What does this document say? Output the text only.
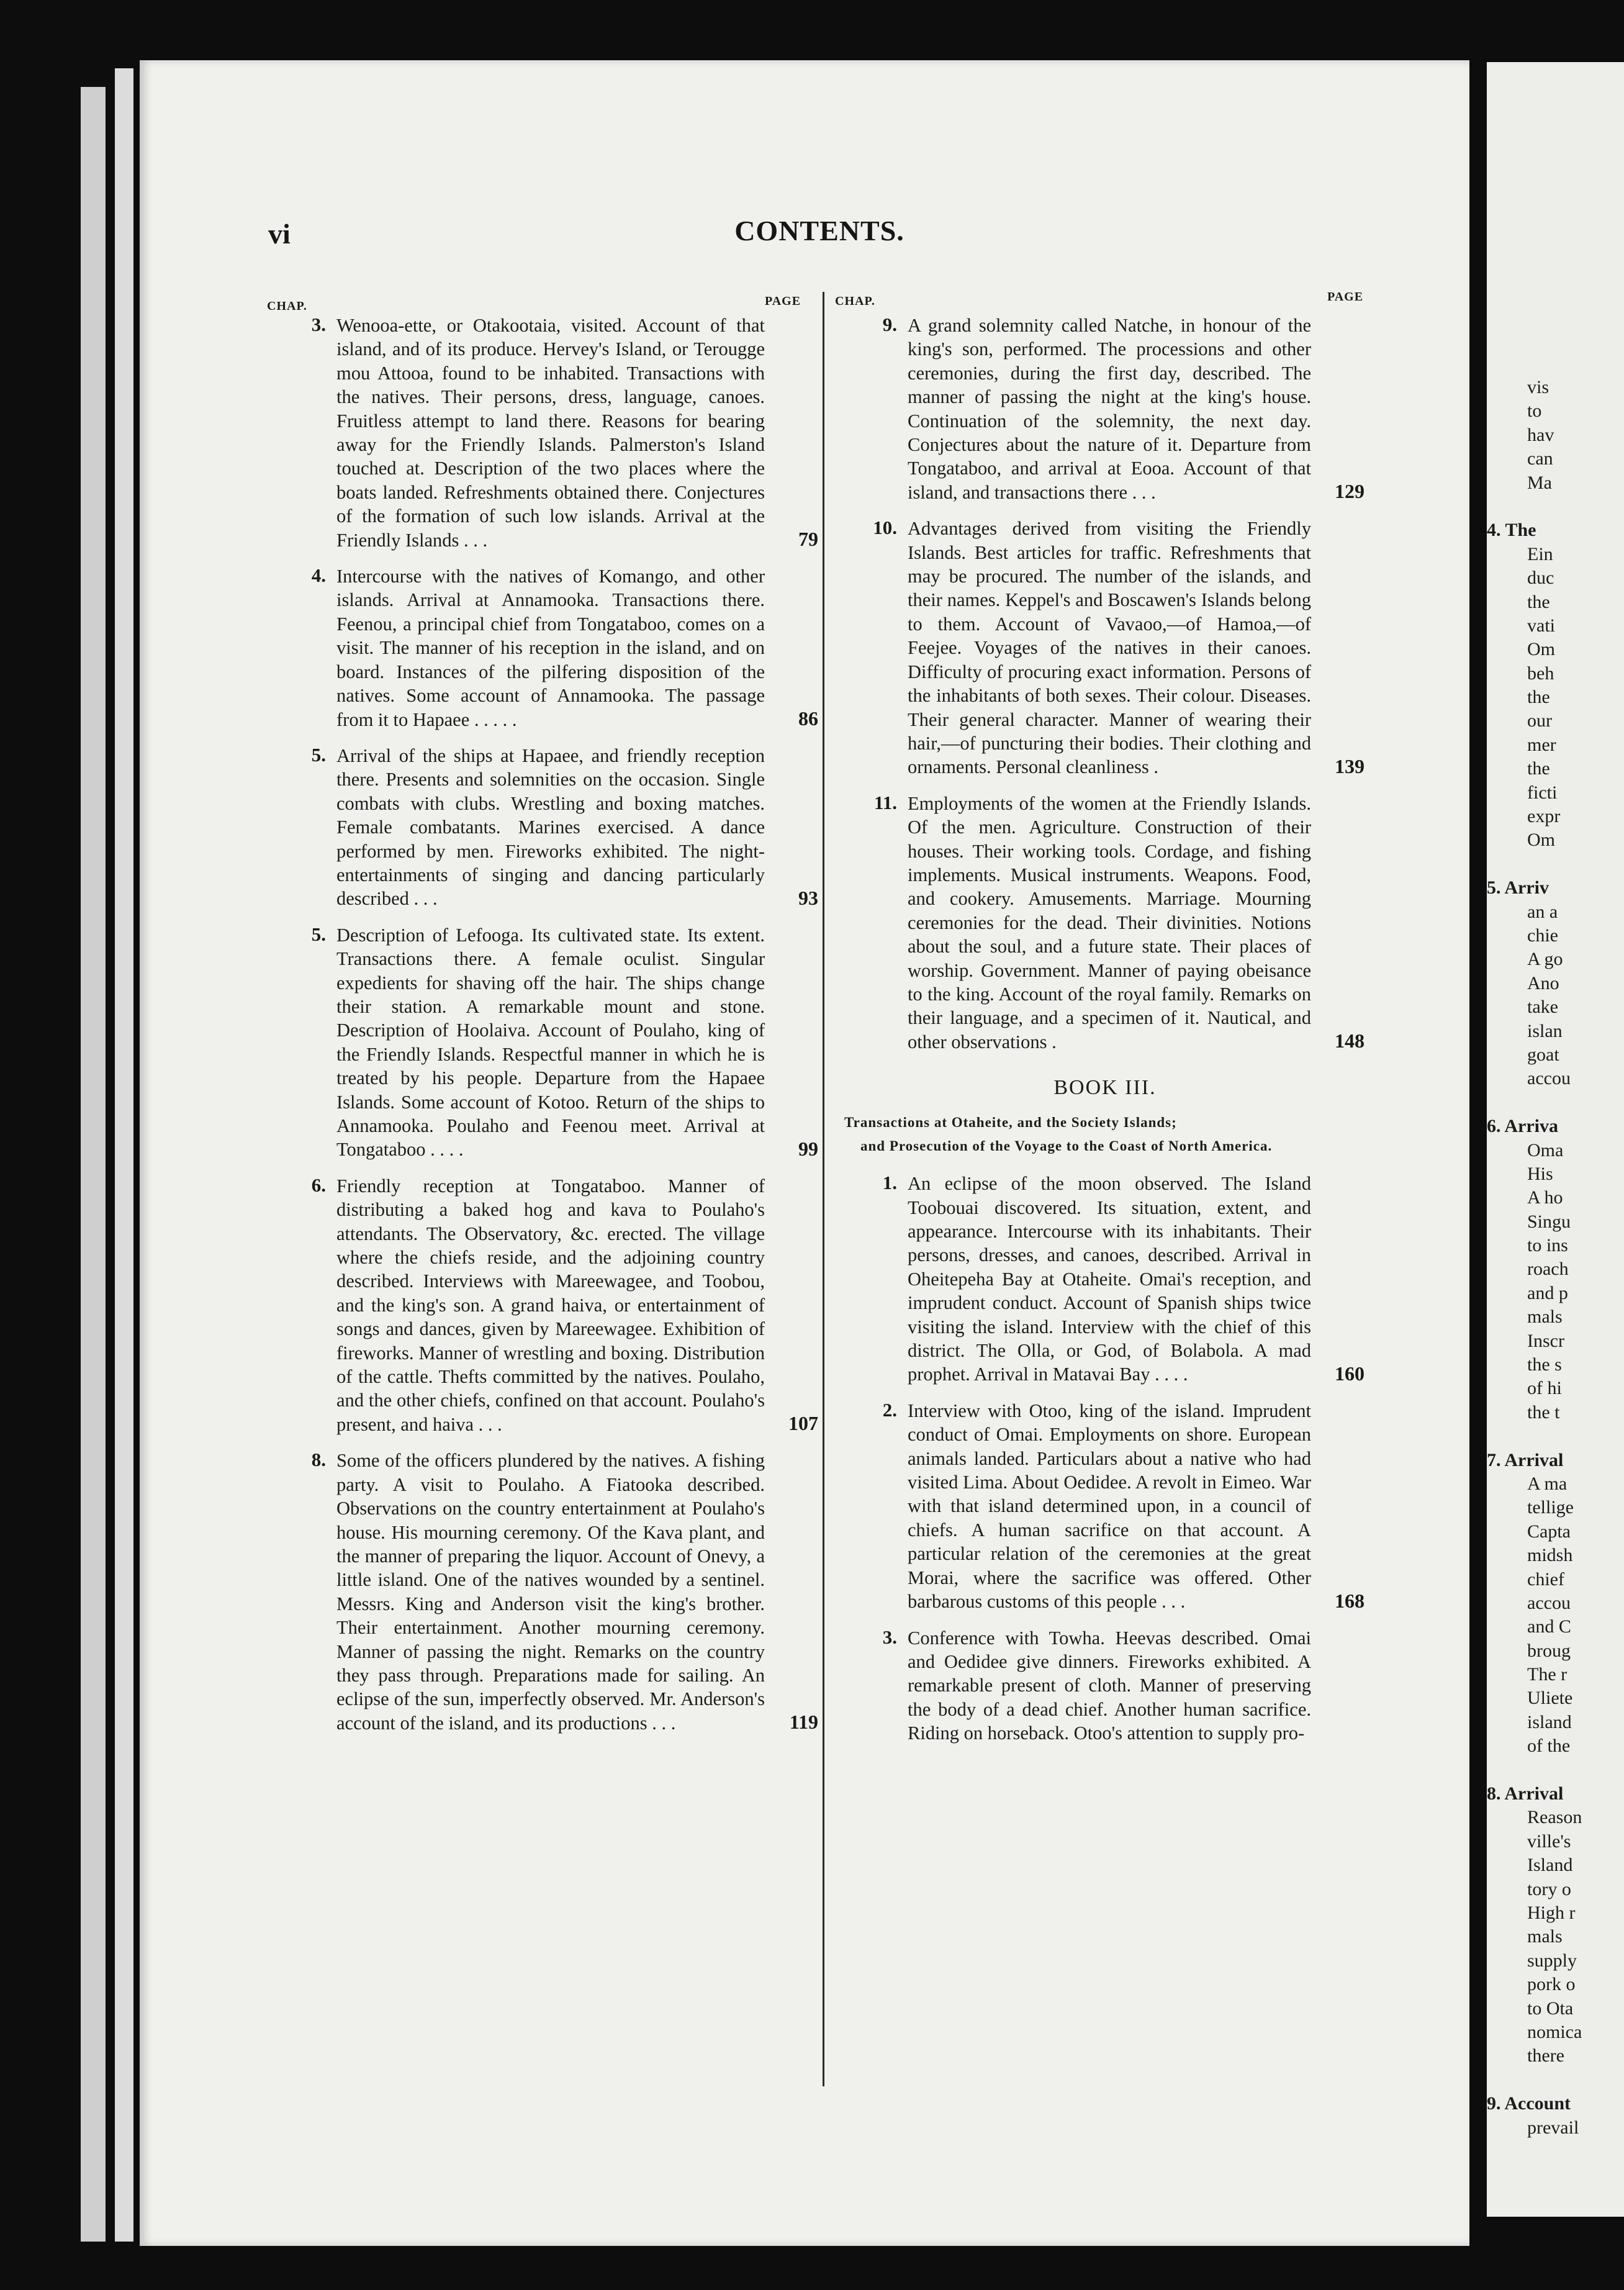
vis
to
hav
can
Ma
4. The
Ein
duc
the
vati
Om
beh
the
our
mer
the
ficti
expr
Om
5. Arriv
an a
chie
A go
Ano
take
islan
goat
accou
6. Arriva
Oma
His
A ho
Singu
to ins
roach
and p
mals
Inscr
the s
of hi
the t
7. Arrival
A ma
tellige
Capta
midsh
chief
accou
and C
broug
The r
Uliete
island
of the
8. Arrival
Reason
ville's
Island
tory o
High r
mals
supply
pork o
to Ota
nomica
there
9. Account
prevail
vi	CONTENTS.
CHAP.	PAGE	CHAP.	PAGE
3. Wenooa-ette, or Otakootaia, visited. Account of that island, and of its produce. Hervey's Island, or Terougge mou Attooa, found to be inhabited. Transactions with the natives. Their persons, dress, language, canoes. Fruitless attempt to land there. Reasons for bearing away for the Friendly Islands. Palmerston's Island touched at. Description of the two places where the boats landed. Refreshments obtained there. Conjectures of the formation of such low islands. Arrival at the Friendly Islands . . .	79
4. Intercourse with the natives of Komango, and other islands. Arrival at Annamooka. Transactions there. Feenou, a principal chief from Tongataboo, comes on a visit. The manner of his reception in the island, and on board. Instances of the pilfering disposition of the natives. Some account of Annamooka. The passage from it to Hapaee . . . . .	86
5. Arrival of the ships at Hapaee, and friendly reception there. Presents and solemnities on the occasion. Single combats with clubs. Wrestling and boxing matches. Female combatants. Marines exercised. A dance performed by men. Fireworks exhibited. The night-entertainments of singing and dancing particularly described . . .	93
5. Description of Lefooga. Its cultivated state. Its extent. Transactions there. A female oculist. Singular expedients for shaving off the hair. The ships change their station. A remarkable mount and stone. Description of Hoolaiva. Account of Poulaho, king of the Friendly Islands. Respectful manner in which he is treated by his people. Departure from the Hapaee Islands. Some account of Kotoo. Return of the ships to Annamooka. Poulaho and Feenou meet. Arrival at Tongataboo . . . .	99
6. Friendly reception at Tongataboo. Manner of distributing a baked hog and kava to Poulaho's attendants. The Observatory, &c. erected. The village where the chiefs reside, and the adjoining country described. Interviews with Mareewagee, and Toobou, and the king's son. A grand haiva, or entertainment of songs and dances, given by Mareewagee. Exhibition of fireworks. Manner of wrestling and boxing. Distribution of the cattle. Thefts committed by the natives. Poulaho, and the other chiefs, confined on that account. Poulaho's present, and haiva . . .	107
8. Some of the officers plundered by the natives. A fishing party. A visit to Poulaho. A Fiatooka described. Observations on the country entertainment at Poulaho's house. His mourning ceremony. Of the Kava plant, and the manner of preparing the liquor. Account of Onevy, a little island. One of the natives wounded by a sentinel. Messrs. King and Anderson visit the king's brother. Their entertainment. Another mourning ceremony. Manner of passing the night. Remarks on the country they pass through. Preparations made for sailing. An eclipse of the sun, imperfectly observed. Mr. Anderson's account of the island, and its productions . . .	119
9. A grand solemnity called Natche, in honour of the king's son, performed. The processions and other ceremonies, during the first day, described. The manner of passing the night at the king's house. Continuation of the solemnity, the next day. Conjectures about the nature of it. Departure from Tongataboo, and arrival at Eooa. Account of that island, and transactions there . . .	129
10. Advantages derived from visiting the Friendly Islands. Best articles for traffic. Refreshments that may be procured. The number of the islands, and their names. Keppel's and Boscawen's Islands belong to them. Account of Vavaoo,—of Hamoa,—of Feejee. Voyages of the natives in their canoes. Difficulty of procuring exact information. Persons of the inhabitants of both sexes. Their colour. Diseases. Their general character. Manner of wearing their hair,—of puncturing their bodies. Their clothing and ornaments. Personal cleanliness .	139
11. Employments of the women at the Friendly Islands. Of the men. Agriculture. Construction of their houses. Their working tools. Cordage, and fishing implements. Musical instruments. Weapons. Food, and cookery. Amusements. Marriage. Mourning ceremonies for the dead. Their divinities. Notions about the soul, and a future state. Their places of worship. Government. Manner of paying obeisance to the king. Account of the royal family. Remarks on their language, and a specimen of it. Nautical, and other observations .	148
BOOK III.
Transactions at Otaheite, and the Society Islands;
and Prosecution of the Voyage to the Coast of North America.
1. An eclipse of the moon observed. The Island Toobouai discovered. Its situation, extent, and appearance. Intercourse with its inhabitants. Their persons, dresses, and canoes, described. Arrival in Oheitepeha Bay at Otaheite. Omai's reception, and imprudent conduct. Account of Spanish ships twice visiting the island. Interview with the chief of this district. The Olla, or God, of Bolabola. A mad prophet. Arrival in Matavai Bay . . . .	160
2. Interview with Otoo, king of the island. Imprudent conduct of Omai. Employments on shore. European animals landed. Particulars about a native who had visited Lima. About Oedidee. A revolt in Eimeo. War with that island determined upon, in a council of chiefs. A human sacrifice on that account. A particular relation of the ceremonies at the great Morai, where the sacrifice was offered. Other barbarous customs of this people . . .	168
3. Conference with Towha. Heevas described. Omai and Oedidee give dinners. Fireworks exhibited. A remarkable present of cloth. Manner of preserving the body of a dead chief. Another human sacrifice. Riding on horseback. Otoo's attention to supply pro-
